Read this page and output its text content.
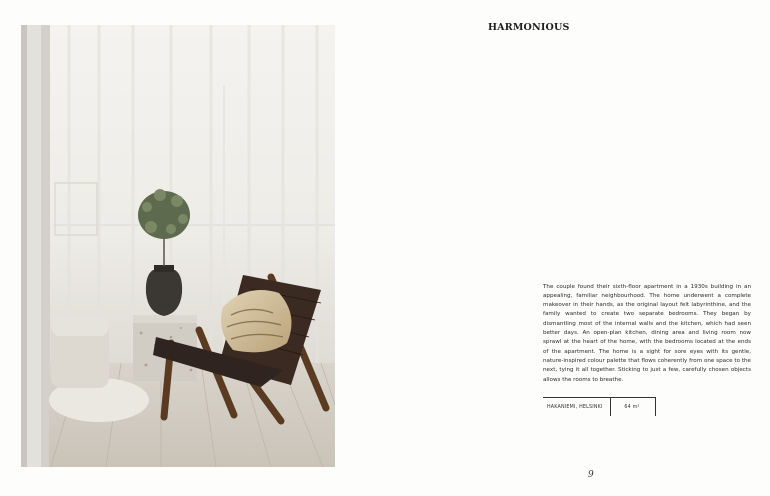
HARMONIOUS

The couple found their sixth-floor apartment in a 1930s building in an appealing, familiar neighbourhood. The home underwent a complete makeover in their hands, as the original layout felt labyrinthine, and the family wanted to create two separate bedrooms. They began by dismantling most of the internal walls and the kitchen, which had seen better days. An open-plan kitchen, dining area and living room now sprawl at the heart of the home, with the bedrooms located at the ends of the apartment. The home is a sight for sore eyes with its gentle, nature-inspired colour palette that flows coherently from one space to the next, tying it all together. Sticking to just a few, carefully chosen objects allows the rooms to breathe.

HAKANIEMI, HELSINKI	64 m²
9
